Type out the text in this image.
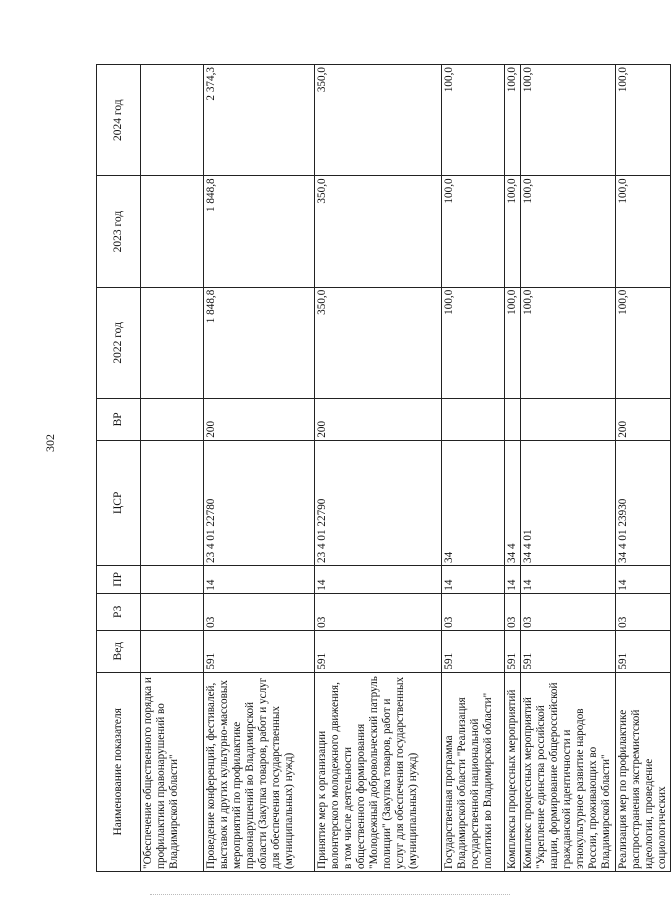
302
Наименование показателя	Вед	РЗ	ПР	ЦСР	ВР	2022 год	2023 год	2024 год
"Обеспечение общественного порядка и профилактики правонарушений во Владимирской области"								
Проведение конференций, фестивалей, выставок и других культурно-массовых мероприятий по профилактике правонарушений во Владимирской области (Закупка товаров, работ и услуг для обеспечения государственных (муниципальных) нужд)	591	03	14	23 4 01 22780	200	1 848,8	1 848,8	2 374,3
Принятие мер к организации волонтерского молодежного движения, в том числе деятельности общественного формирования "Молодежный добровольческий патруль полиции" (Закупка товаров, работ и услуг для обеспечения государственных (муниципальных) нужд)	591	03	14	23 4 01 22790	200	350,0	350,0	350,0
Государственная программа Владимирской области "Реализация государственной национальной политики во Владимирской области"	591	03	14	34		100,0	100,0	100,0
Комплексы процессных мероприятий	591	03	14	34 4		100,0	100,0	100,0
Комплекс процессных мероприятий "Укрепление единства российской нации, формирование общероссийской гражданской идентичности и этнокультурное развитие народов России, проживающих во Владимирской области"	591	03	14	34 4 01		100,0	100,0	100,0
Реализация мер по профилактике распространения экстремистской идеологии, проведение социологических	591	03	14	34 4 01 23930	200	100,0	100,0	100,0
